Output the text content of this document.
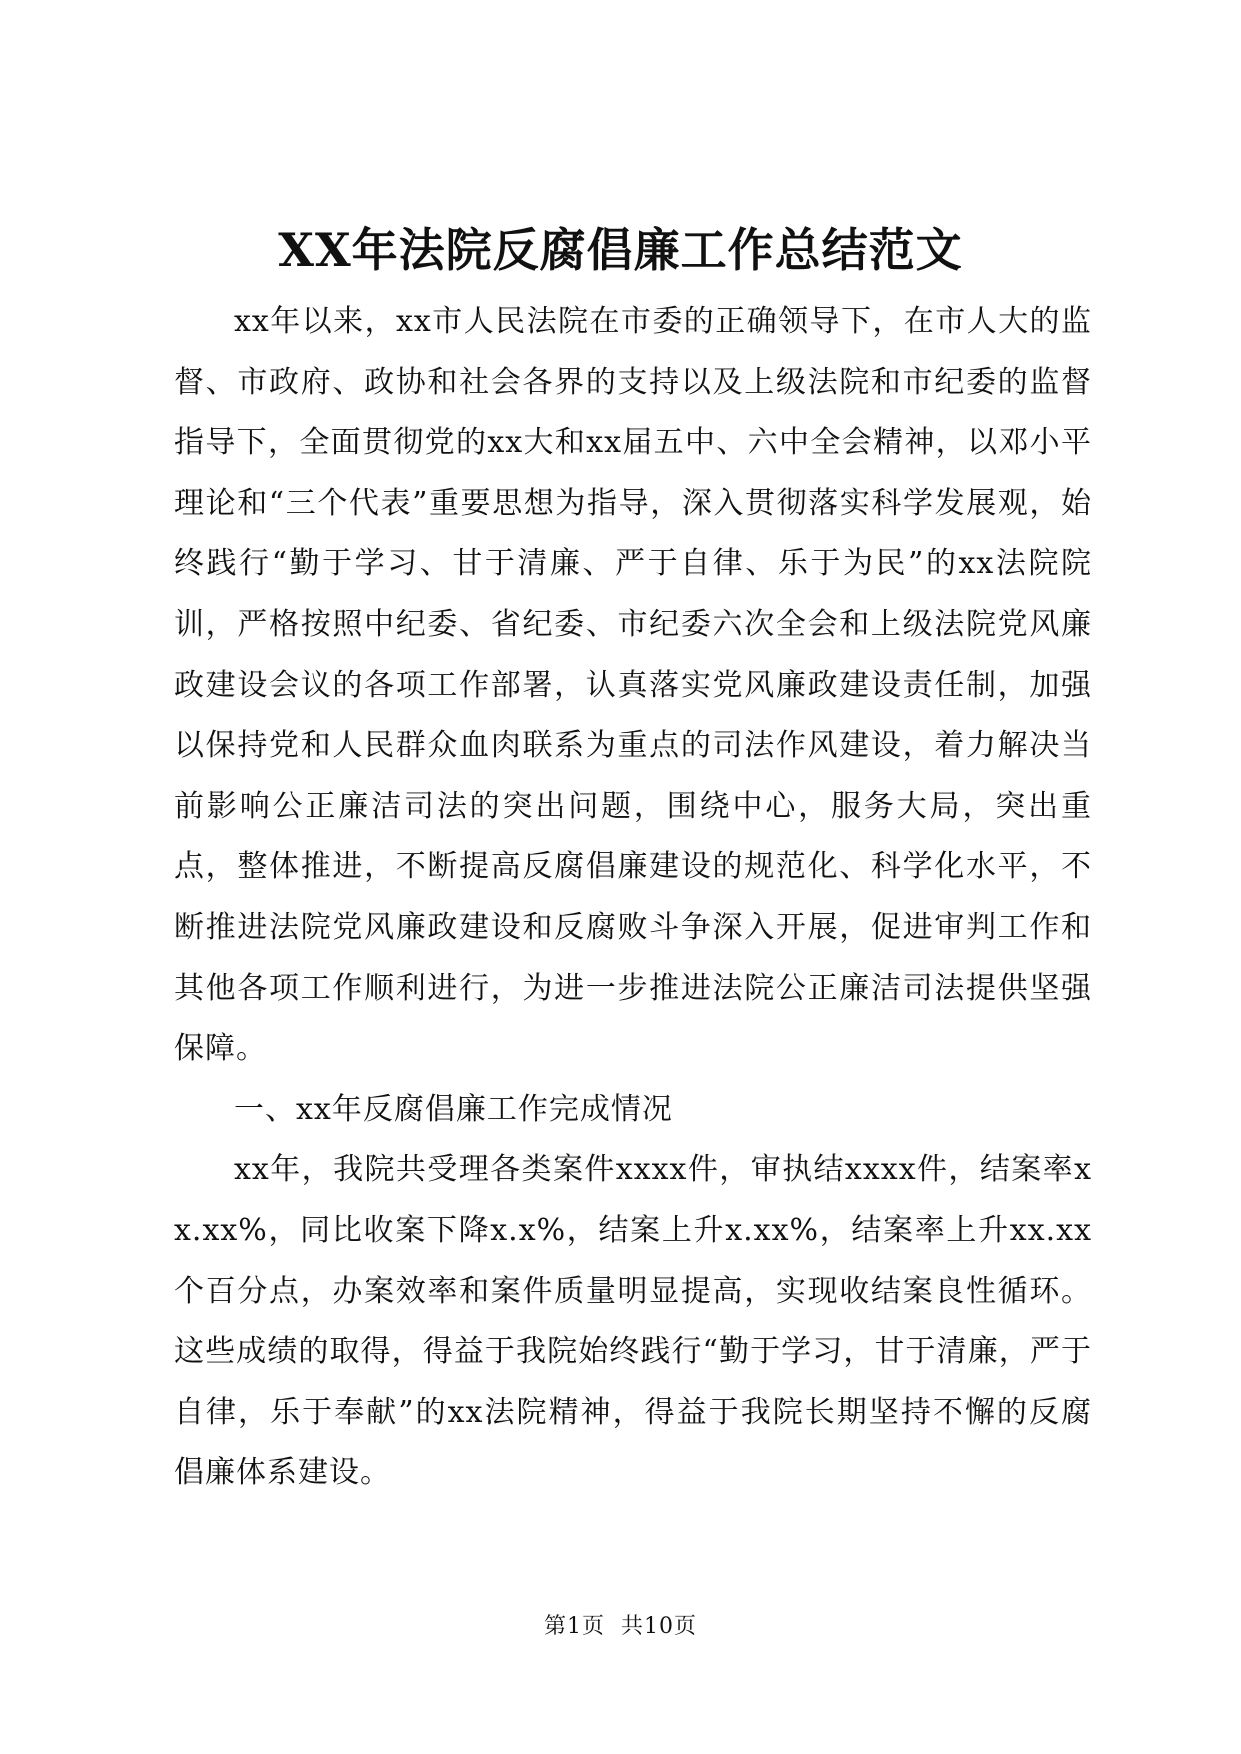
XX年法院反腐倡廉工作总结范文

xx年以来，xx市人民法院在市委的正确领导下，在市人大的监督、市政府、政协和社会各界的支持以及上级法院和市纪委的监督指导下，全面贯彻党的xx大和xx届五中、六中全会精神，以邓小平理论和“三个代表”重要思想为指导，深入贯彻落实科学发展观，始终践行“勤于学习、甘于清廉、严于自律、乐于为民”的xx法院院训，严格按照中纪委、省纪委、市纪委六次全会和上级法院党风廉政建设会议的各项工作部署，认真落实党风廉政建设责任制，加强以保持党和人民群众血肉联系为重点的司法作风建设，着力解决当前影响公正廉洁司法的突出问题，围绕中心，服务大局，突出重点，整体推进，不断提高反腐倡廉建设的规范化、科学化水平，不断推进法院党风廉政建设和反腐败斗争深入开展，促进审判工作和其他各项工作顺利进行，为进一步推进法院公正廉洁司法提供坚强保障。

一、xx年反腐倡廉工作完成情况

xx年，我院共受理各类案件xxxx件，审执结xxxx件，结案率xx.xx%，同比收案下降x.x%，结案上升x.xx%，结案率上升xx.xx个百分点，办案效率和案件质量明显提高，实现收结案良性循环。这些成绩的取得，得益于我院始终践行“勤于学习，甘于清廉，严于自律，乐于奉献”的xx法院精神，得益于我院长期坚持不懈的反腐倡廉体系建设。

第1页  共10页
